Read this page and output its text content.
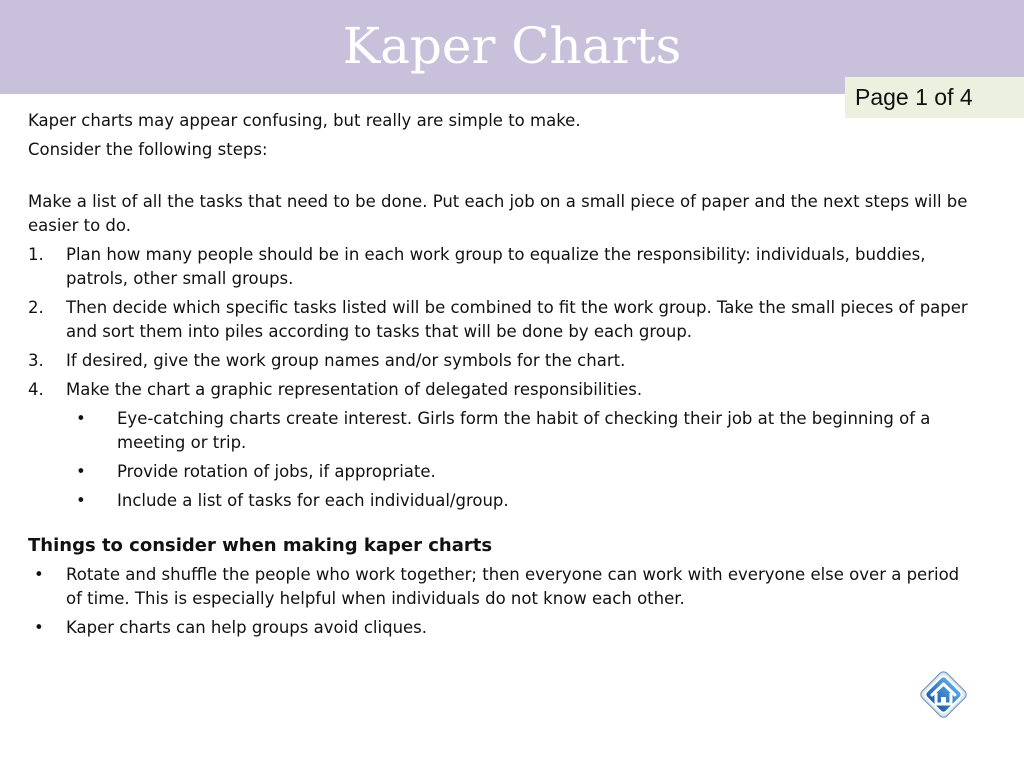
Kaper Charts
Page 1 of 4

Kaper charts may appear confusing, but really are simple to make.

Consider the following steps:

Make a list of all the tasks that need to be done. Put each job on a small piece of paper and the next steps will be easier to do.

1. Plan how many people should be in each work group to equalize the responsibility: individuals, buddies, patrols, other small groups.
2. Then decide which specific tasks listed will be combined to fit the work group. Take the small pieces of paper and sort them into piles according to tasks that will be done by each group.
3. If desired, give the work group names and/or symbols for the chart.
4. Make the chart a graphic representation of delegated responsibilities.
• Eye-catching charts create interest. Girls form the habit of checking their job at the beginning of a meeting or trip.
• Provide rotation of jobs, if appropriate.
• Include a list of tasks for each individual/group.
Things to consider when making kaper charts
• Rotate and shuffle the people who work together; then everyone can work with everyone else over a period of time. This is especially helpful when individuals do not know each other.
• Kaper charts can help groups avoid cliques.
